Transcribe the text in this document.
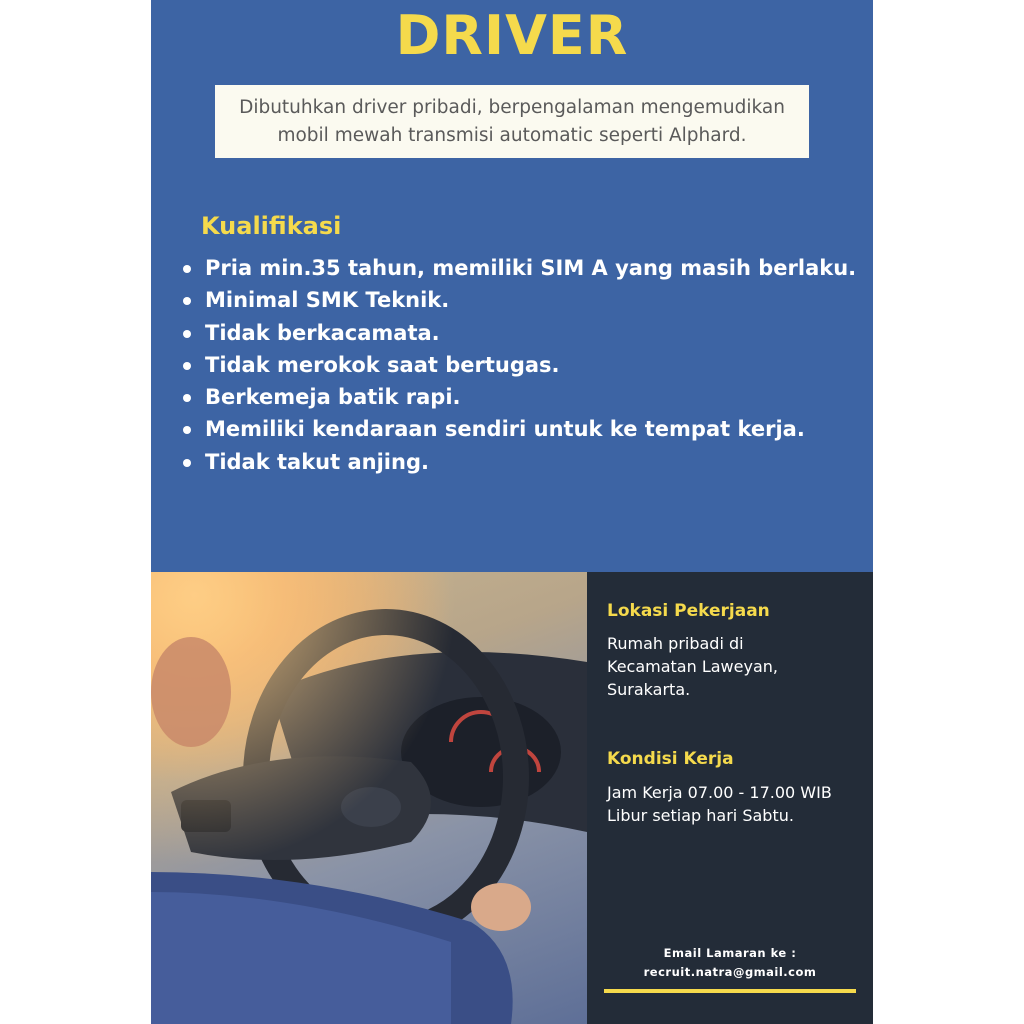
DRIVER
Dibutuhkan driver pribadi, berpengalaman mengemudikan mobil mewah transmisi automatic seperti Alphard.
Kualifikasi
Pria min.35 tahun, memiliki SIM A yang masih berlaku.
Minimal SMK Teknik.
Tidak berkacamata.
Tidak merokok saat bertugas.
Berkemeja batik rapi.
Memiliki kendaraan sendiri untuk ke tempat kerja.
Tidak takut anjing.
Lokasi Pekerjaan
Rumah pribadi di
Kecamatan Laweyan,
Surakarta.
Kondisi Kerja
Jam Kerja 07.00 - 17.00 WIB
Libur setiap hari Sabtu.
Email Lamaran ke :
recruit.natra@gmail.com
